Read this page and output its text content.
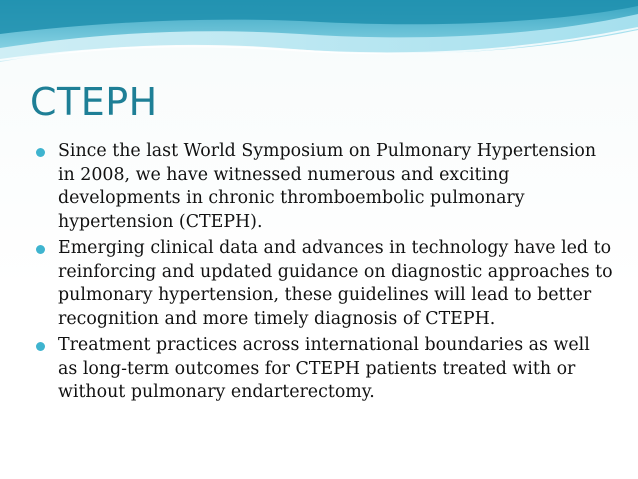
CTEPH
Since the last World Symposium on Pulmonary Hypertension in 2008, we have witnessed numerous and exciting developments in chronic thromboembolic pulmonary hypertension (CTEPH).
Emerging clinical data and advances in technology have led to reinforcing and updated guidance on diagnostic approaches to pulmonary hypertension, these guidelines will lead to better recognition and more timely diagnosis of CTEPH.
Treatment practices across international boundaries as well as long-term outcomes for CTEPH patients treated with or without pulmonary endarterectomy.
